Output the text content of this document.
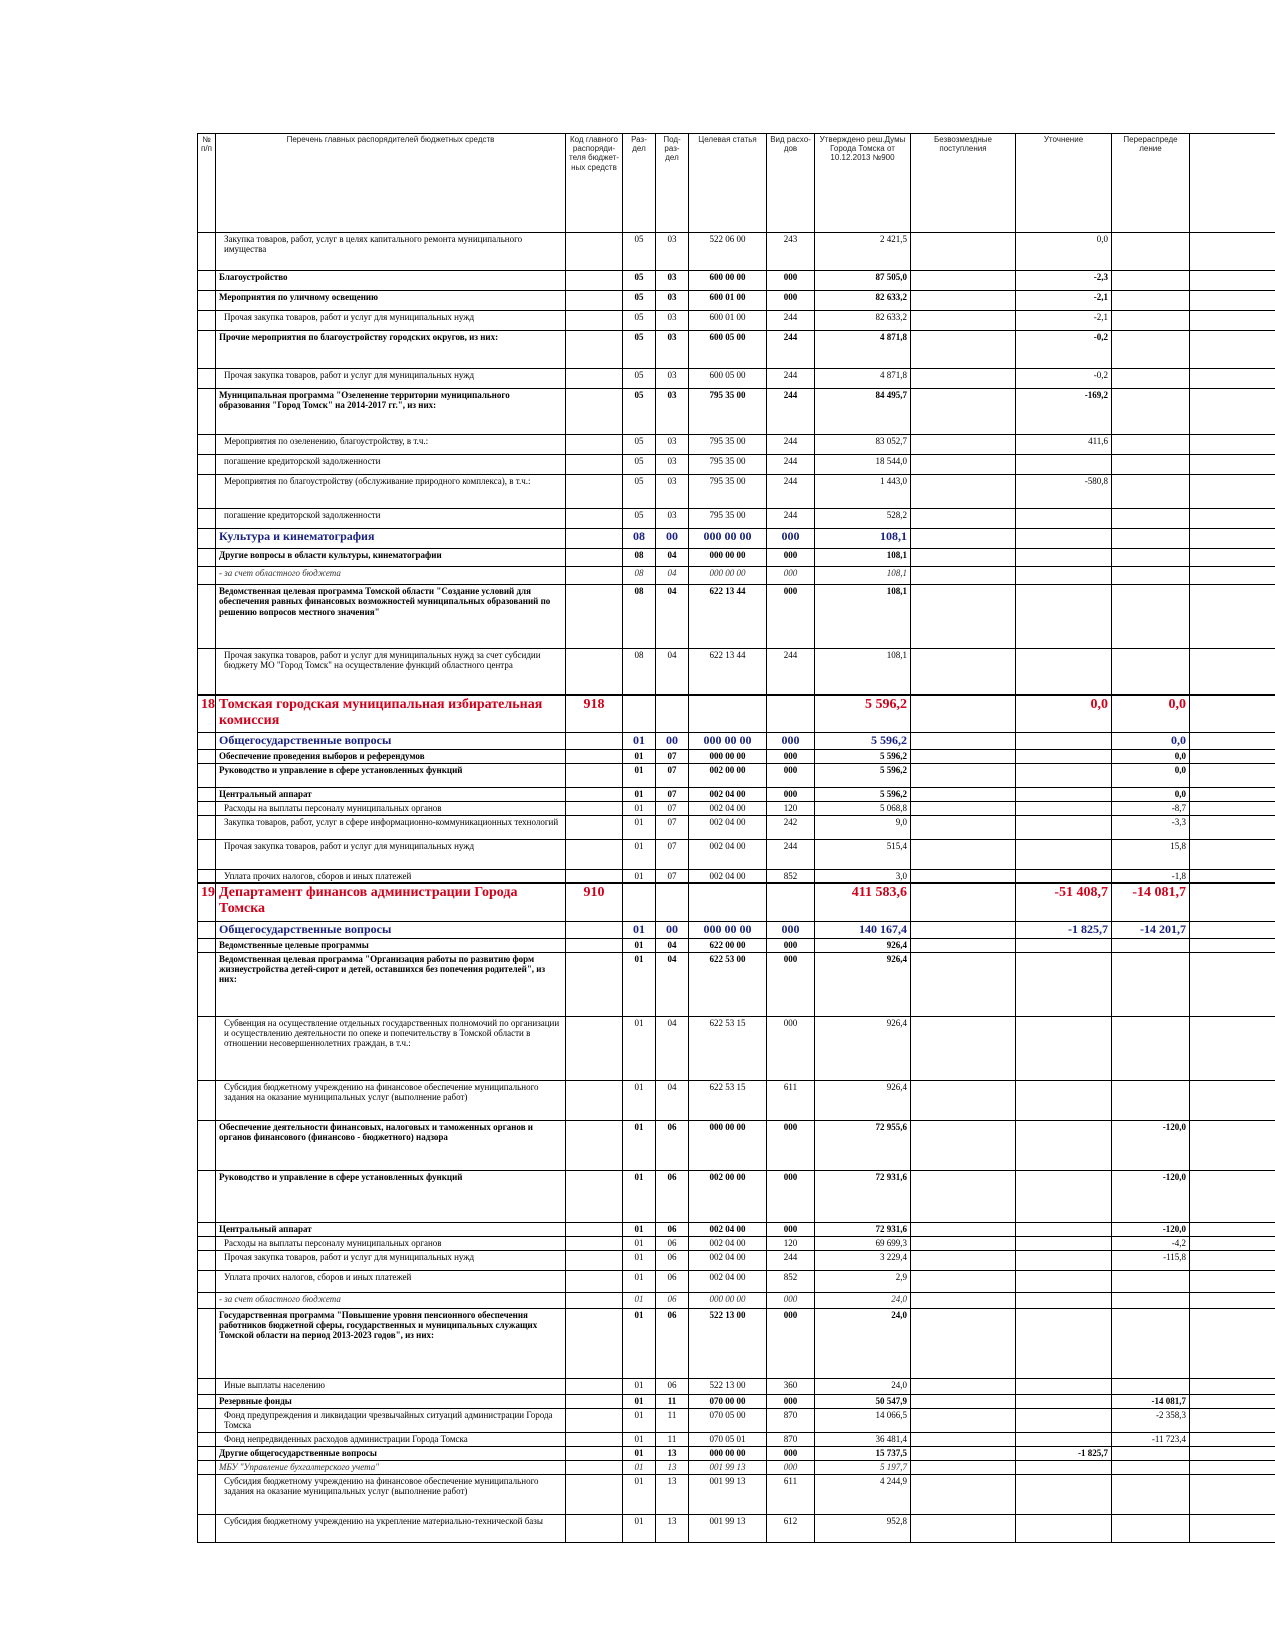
№ п/п	Перечень главных распорядителей бюджетных средств	Код главного распоряди-теля бюджет-ных средств	Раз-дел	Под-раз-дел	Целевая статья	Вид расхо-дов	Утверждено реш.Думы Города Томска от 10.12.2013 №900	Безвозмездные поступления	Уточнение	Перераспреде ление	
	Закупка товаров, работ, услуг в целях капитального ремонта муниципального имущества		05	03	522 06 00	243	2 421,5		0,0		
	Благоустройство		05	03	600 00 00	000	87 505,0		-2,3		
	Мероприятия по уличному освещению		05	03	600 01 00	000	82 633,2		-2,1		
	Прочая закупка товаров, работ и услуг для муниципальных нужд		05	03	600 01 00	244	82 633,2		-2,1		
	Прочие мероприятия по благоустройству городских округов, из них:		05	03	600 05 00	244	4 871,8		-0,2		
	Прочая закупка товаров, работ и услуг для муниципальных нужд		05	03	600 05 00	244	4 871,8		-0,2		
	Муниципальная программа "Озеленение территории муниципального образования "Город Томск" на 2014-2017 гг.", из них:		05	03	795 35 00	244	84 495,7		-169,2		
	Мероприятия по озеленению, благоустройству, в т.ч.:		05	03	795 35 00	244	83 052,7		411,6		
	погашение кредиторской задолженности		05	03	795 35 00	244	18 544,0				
	Мероприятия по благоустройству (обслуживание природного комплекса), в т.ч.:		05	03	795 35 00	244	1 443,0		-580,8		
	погашение кредиторской задолженности		05	03	795 35 00	244	528,2				
	Культура и кинематография		08	00	000 00 00	000	108,1				
	Другие вопросы в области культуры, кинематографии		08	04	000 00 00	000	108,1				
	- за счет областного бюджета		08	04	000 00 00	000	108,1				
	Ведомственная целевая программа Томской области "Создание условий для обеспечения равных финансовых возможностей муниципальных образований по решению вопросов местного значения"		08	04	622 13 44	000	108,1				
	Прочая закупка товаров, работ и услуг для муниципальных нужд за счет субсидии бюджету МО "Город Томск" на осуществление функций областного центра		08	04	622 13 44	244	108,1				
18	Томская городская муниципальная избирательная комиссия	918					5 596,2		0,0	0,0	
	Общегосударственные вопросы		01	00	000 00 00	000	5 596,2			0,0	
	Обеспечение проведения выборов и референдумов		01	07	000 00 00	000	5 596,2			0,0	
	Руководство и управление в сфере установленных функций		01	07	002 00 00	000	5 596,2			0,0	
	Центральный аппарат		01	07	002 04 00	000	5 596,2			0,0	
	Расходы на выплаты персоналу муниципальных органов		01	07	002 04 00	120	5 068,8			-8,7	
	Закупка товаров, работ, услуг в сфере информационно-коммуникационных технологий		01	07	002 04 00	242	9,0			-3,3	
	Прочая закупка товаров, работ и услуг для муниципальных нужд		01	07	002 04 00	244	515,4			15,8	
	Уплата прочих налогов, сборов и иных платежей		01	07	002 04 00	852	3,0			-1,8	
19	Департамент финансов администрации Города Томска	910					411 583,6		-51 408,7	-14 081,7	
	Общегосударственные вопросы		01	00	000 00 00	000	140 167,4		-1 825,7	-14 201,7	
	Ведомственные целевые программы		01	04	622 00 00	000	926,4				
	Ведомственная целевая программа "Организация работы по развитию форм жизнеустройства детей-сирот и детей, оставшихся без попечения родителей", из них:		01	04	622 53 00	000	926,4				
	Субвенция на осуществление отдельных государственных полномочий по организации и осуществлению деятельности по опеке и попечительству в Томской области в отношении несовершеннолетних граждан, в т.ч.:		01	04	622 53 15	000	926,4				
	Субсидия бюджетному учреждению на финансовое обеспечение муниципального задания на оказание муниципальных услуг (выполнение работ)		01	04	622 53 15	611	926,4				
	Обеспечение деятельности финансовых, налоговых и таможенных органов и органов финансового (финансово - бюджетного) надзора		01	06	000 00 00	000	72 955,6			-120,0	
	Руководство и управление в сфере установленных функций		01	06	002 00 00	000	72 931,6			-120,0	
	Центральный аппарат		01	06	002 04 00	000	72 931,6			-120,0	
	Расходы на выплаты персоналу муниципальных органов		01	06	002 04 00	120	69 699,3			-4,2	
	Прочая закупка товаров, работ и услуг для муниципальных нужд		01	06	002 04 00	244	3 229,4			-115,8	
	Уплата прочих налогов, сборов и иных платежей		01	06	002 04 00	852	2,9				
	- за счет областного бюджета		01	06	000 00 00	000	24,0				
	Государственная программа "Повышение уровня пенсионного обеспечения работников бюджетной сферы, государственных и муниципальных служащих Томской области на период 2013-2023 годов", из них:		01	06	522 13 00	000	24,0				
	Иные выплаты населению		01	06	522 13 00	360	24,0				
	Резервные фонды		01	11	070 00 00	000	50 547,9			-14 081,7	
	Фонд предупреждения и ликвидации чрезвычайных ситуаций администрации Города Томска		01	11	070 05 00	870	14 066,5			-2 358,3	
	Фонд непредвиденных расходов администрации Города Томска		01	11	070 05 01	870	36 481,4			-11 723,4	
	Другие общегосударственные вопросы		01	13	000 00 00	000	15 737,5		-1 825,7		
	МБУ "Управление бухгалтерского учета"		01	13	001 99 13	000	5 197,7				
	Субсидия бюджетному учреждению на финансовое обеспечение муниципального задания на оказание муниципальных услуг (выполнение работ)		01	13	001 99 13	611	4 244,9				
	Субсидия бюджетному учреждению на укрепление материально-технической базы		01	13	001 99 13	612	952,8				
